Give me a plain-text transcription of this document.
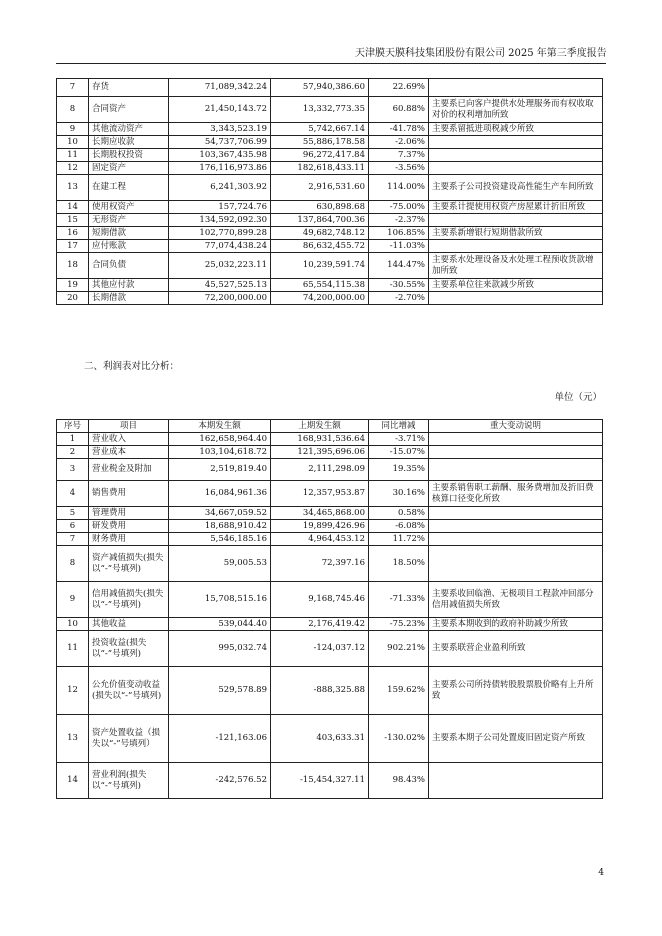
天津膜天膜科技集团股份有限公司 2025 年第三季度报告
7	存货	71,089,342.24	57,940,386.60	22.69%	
8	合同资产	21,450,143.72	13,332,773.35	60.88%	主要系已向客户提供水处理服务而有权收取对价的权利增加所致
9	其他流动资产	3,343,523.19	5,742,667.14	-41.78%	主要系留抵进项税减少所致
10	长期应收款	54,737,706.99	55,886,178.58	-2.06%	
11	长期股权投资	103,367,435.98	96,272,417.84	7.37%	
12	固定资产	176,116,973.86	182,618,433.11	-3.56%	
13	在建工程	6,241,303.92	2,916,531.60	114.00%	主要系子公司投资建设高性能生产车间所致
14	使用权资产	157,724.76	630,898.68	-75.00%	主要系计提使用权资产房屋累计折旧所致
15	无形资产	134,592,092.30	137,864,700.36	-2.37%	
16	短期借款	102,770,899.28	49,682,748.12	106.85%	主要系新增银行短期借款所致
17	应付账款	77,074,438.24	86,632,455.72	-11.03%	
18	合同负债	25,032,223.11	10,239,591.74	144.47%	主要系水处理设备及水处理工程预收货款增加所致
19	其他应付款	45,527,525.13	65,554,115.38	-30.55%	主要系单位往来款减少所致
20	长期借款	72,200,000.00	74,200,000.00	-2.70%	
二、利润表对比分析：
单位（元）
序号	项目	本期发生额	上期发生额	同比增减	重大变动说明
1	营业收入	162,658,964.40	168,931,536.64	-3.71%	
2	营业成本	103,104,618.72	121,395,696.06	-15.07%	
3	营业税金及附加	2,519,819.40	2,111,298.09	19.35%	
4	销售费用	16,084,961.36	12,357,953.87	30.16%	主要系销售职工薪酬、服务费增加及折旧费核算口径变化所致
5	管理费用	34,667,059.52	34,465,868.00	0.58%	
6	研发费用	18,688,910.42	19,899,426.96	-6.08%	
7	财务费用	5,546,185.16	4,964,453.12	11.72%	
8	资产减值损失(损失以“-”号填列)	59,005.53	72,397.16	18.50%	
9	信用减值损失(损失以“-”号填列)	15,708,515.16	9,168,745.46	-71.33%	主要系收回临渔、无极项目工程款冲回部分信用减值损失所致
10	其他收益	539,044.40	2,176,419.42	-75.23%	主要系本期收到的政府补助减少所致
11	投资收益(损失以“-”号填列)	995,032.74	-124,037.12	902.21%	主要系联营企业盈利所致
12	公允价值变动收益(损失以“-”号填列)	529,578.89	-888,325.88	159.62%	主要系公司所持债转股股票股价略有上升所致
13	资产处置收益（损失以“-”号填列）	-121,163.06	403,633.31	-130.02%	主要系本期子公司处置废旧固定资产所致
14	营业利润(损失以“-”号填列)	-242,576.52	-15,454,327.11	98.43%	
4
